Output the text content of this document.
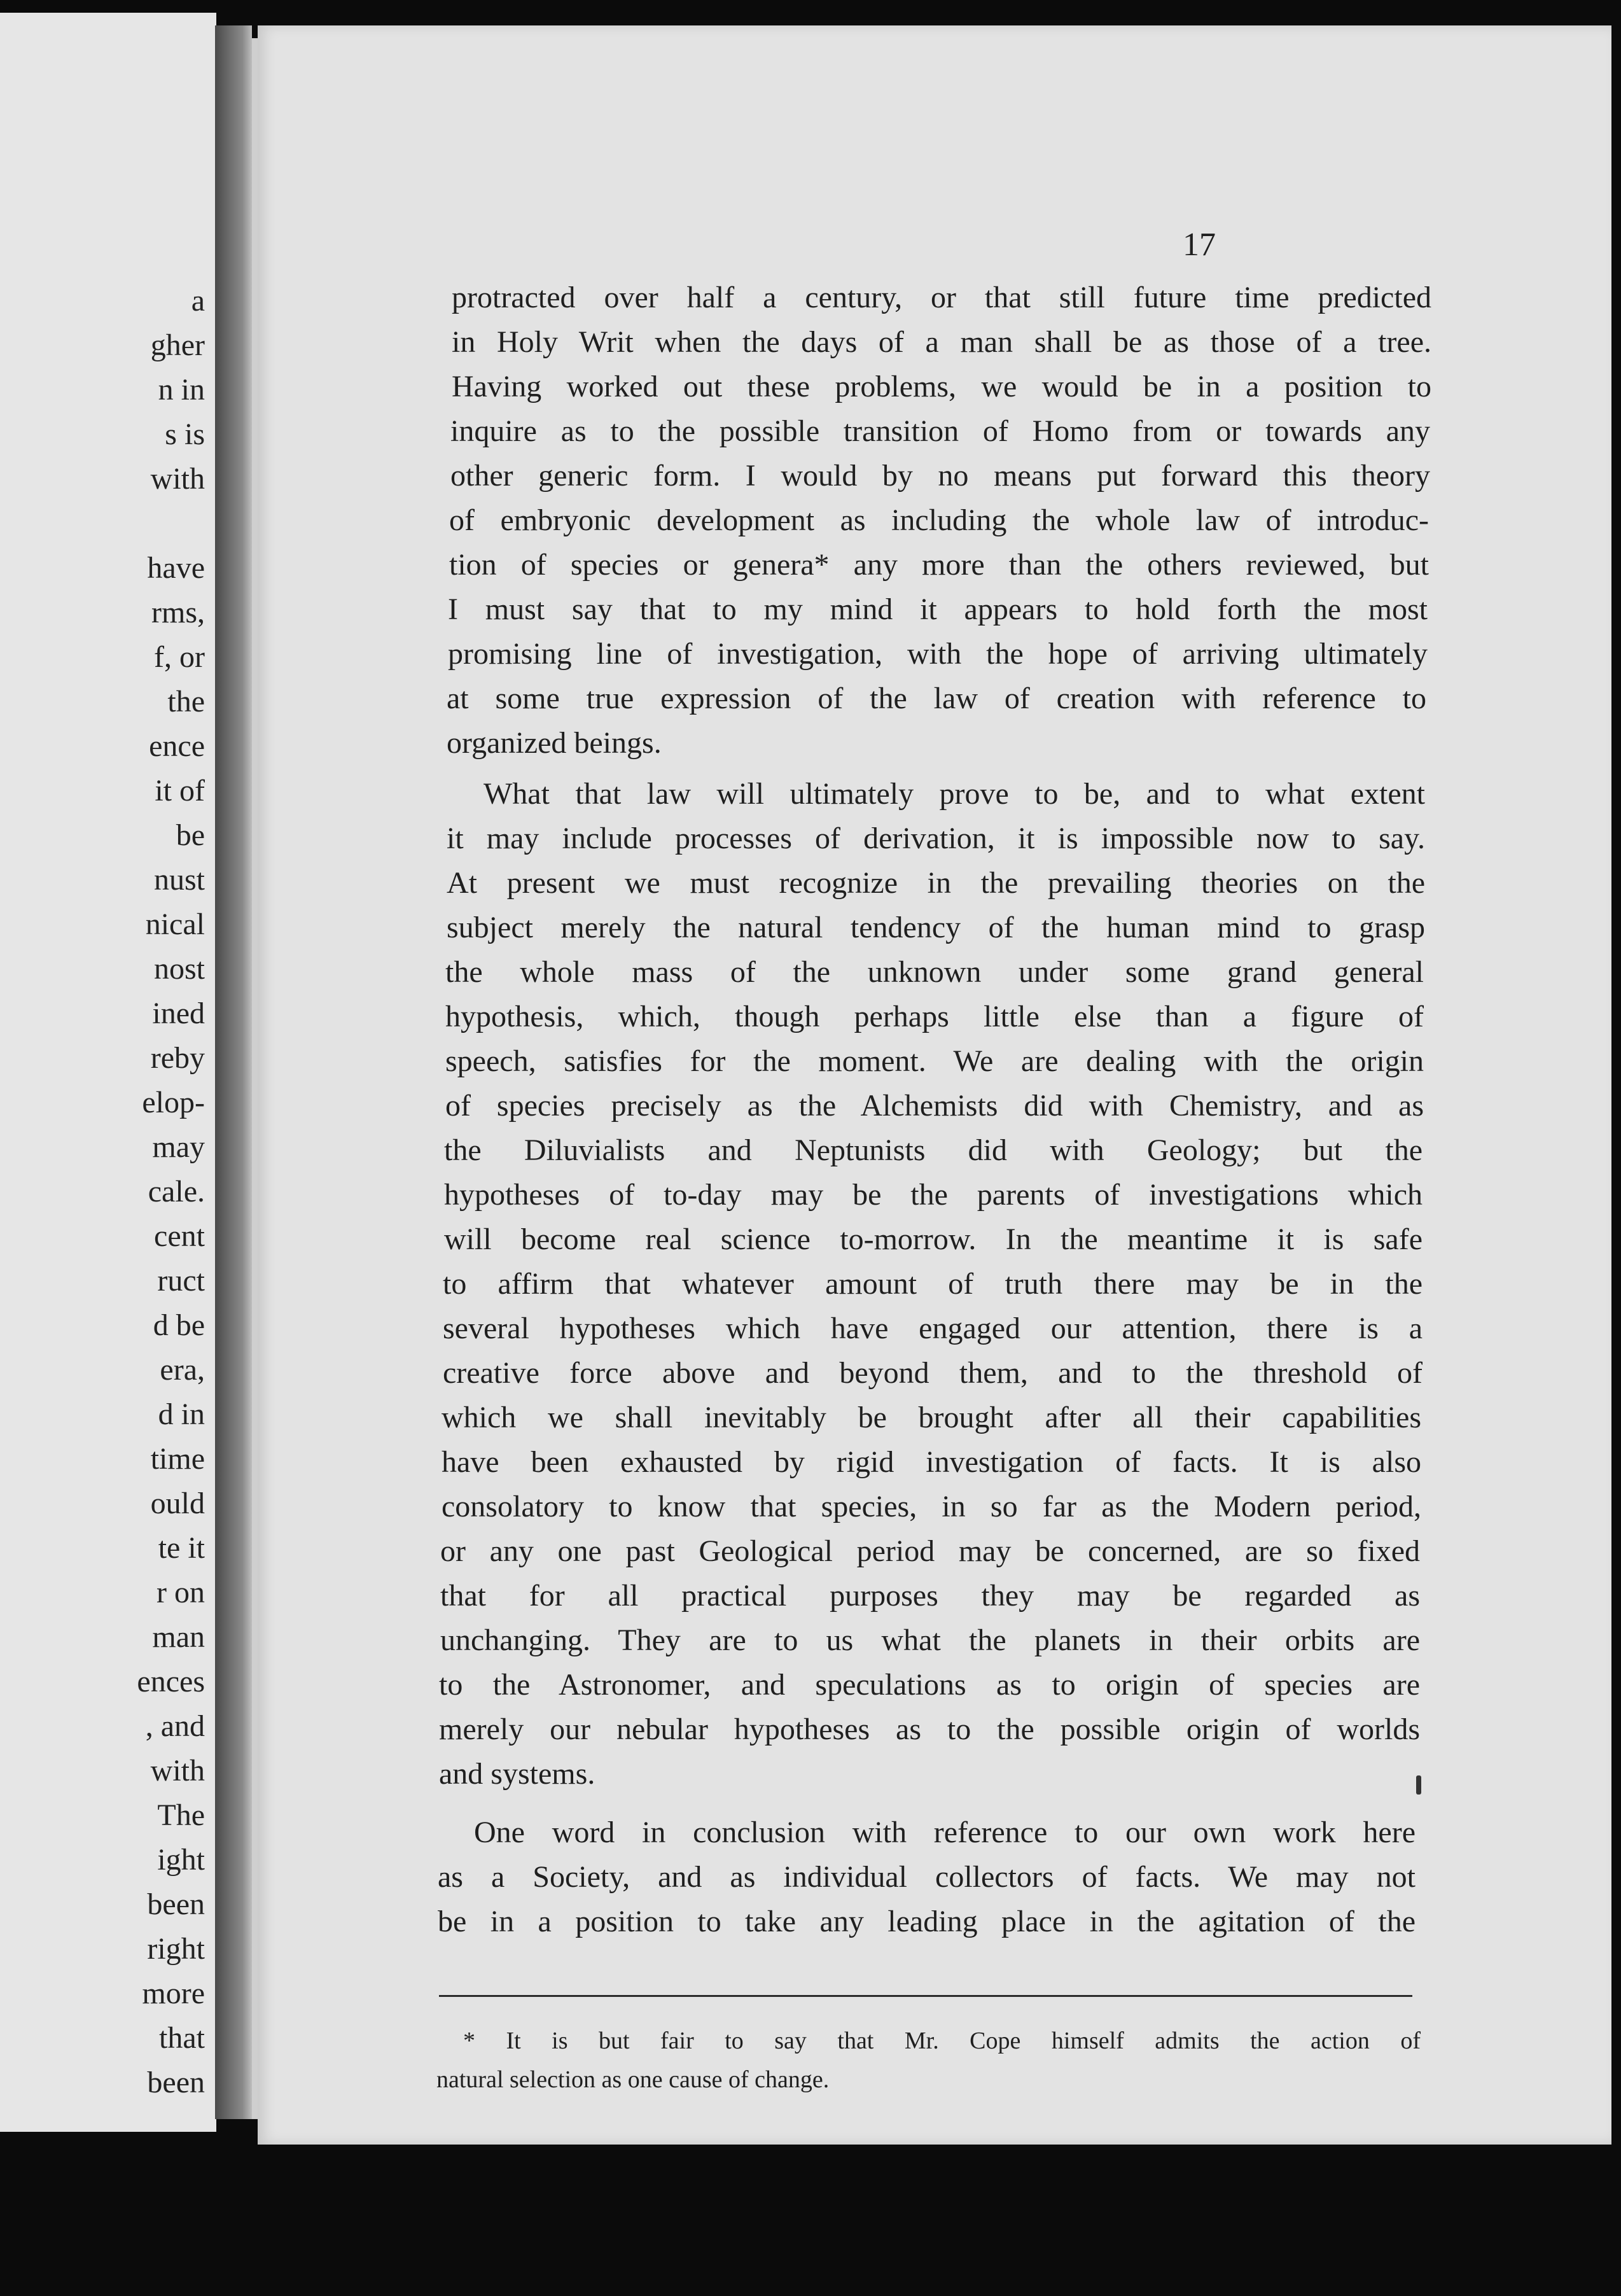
a

gher

n in

s is

with

have

rms,

f, or

the

ence

it of

be

nust

nical

nost

ined

reby

elop-

may

cale.

cent

ruct

d be

era,

d in

time

ould

te it

r on

man

ences

, and

with

The

ight

been

right

more

that

been

17

protracted over half a century, or that still future time predicted

in Holy Writ when the days of a man shall be as those of a tree.

Having worked out these problems, we would be in a position to

inquire as to the possible transition of Homo from or towards any

other generic form. I would by no means put forward this theory

of embryonic development as including the whole law of introduc-

tion of species or genera* any more than the others reviewed, but

I must say that to my mind it appears to hold forth the most

promising line of investigation, with the hope of arriving ultimately

at some true expression of the law of creation with reference to

organized beings.

What that law will ultimately prove to be, and to what extent

it may include processes of derivation, it is impossible now to say.

At present we must recognize in the prevailing theories on the

subject merely the natural tendency of the human mind to grasp

the whole mass of the unknown under some grand general

hypothesis, which, though perhaps little else than a figure of

speech, satisfies for the moment. We are dealing with the origin

of species precisely as the Alchemists did with Chemistry, and as

the Diluvialists and Neptunists did with Geology; but the

hypotheses of to-day may be the parents of investigations which

will become real science to-morrow. In the meantime it is safe

to affirm that whatever amount of truth there may be in the

several hypotheses which have engaged our attention, there is a

creative force above and beyond them, and to the threshold of

which we shall inevitably be brought after all their capabilities

have been exhausted by rigid investigation of facts. It is also

consolatory to know that species, in so far as the Modern period,

or any one past Geological period may be concerned, are so fixed

that for all practical purposes they may be regarded as

unchanging. They are to us what the planets in their orbits are

to the Astronomer, and speculations as to origin of species are

merely our nebular hypotheses as to the possible origin of worlds

and systems.

One word in conclusion with reference to our own work here

as a Society, and as individual collectors of facts. We may not

be in a position to take any leading place in the agitation of the

* It is but fair to say that Mr. Cope himself admits the action of

natural selection as one cause of change.
